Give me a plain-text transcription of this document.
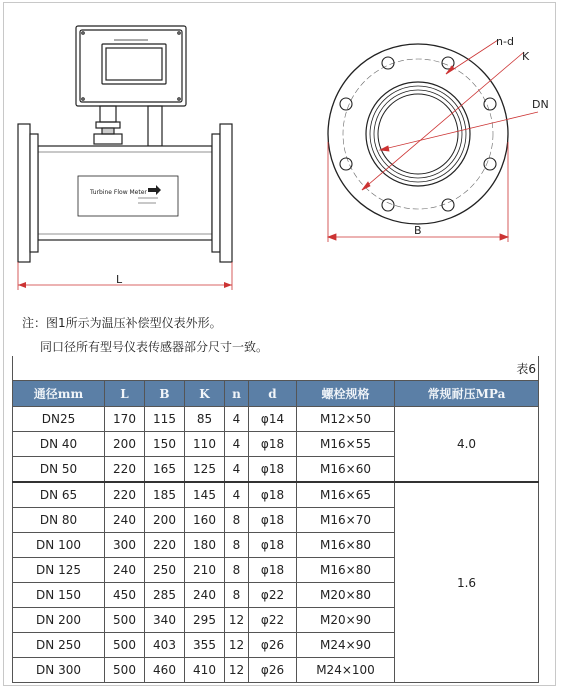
Turbine Flow Meter
L
n-d
K
DN
B
注：图1所示为温压补偿型仪表外形。
同口径所有型号仪表传感器部分尺寸一致。
表6							
通径mm	L	B	K	n	d	螺栓规格	常规耐压MPa
DN25	170	115	85	4	φ14	M12×50	4.0
DN 40	200	150	110	4	φ18	M16×55	
DN 50	220	165	125	4	φ18	M16×60	
DN 65	220	185	145	4	φ18	M16×65	1.6
DN 80	240	200	160	8	φ18	M16×70	
DN 100	300	220	180	8	φ18	M16×80	
DN 125	240	250	210	8	φ18	M16×80	
DN 150	450	285	240	8	φ22	M20×80	
DN 200	500	340	295	12	φ22	M20×90	
DN 250	500	403	355	12	φ26	M24×90	
DN 300	500	460	410	12	φ26	M24×100	
